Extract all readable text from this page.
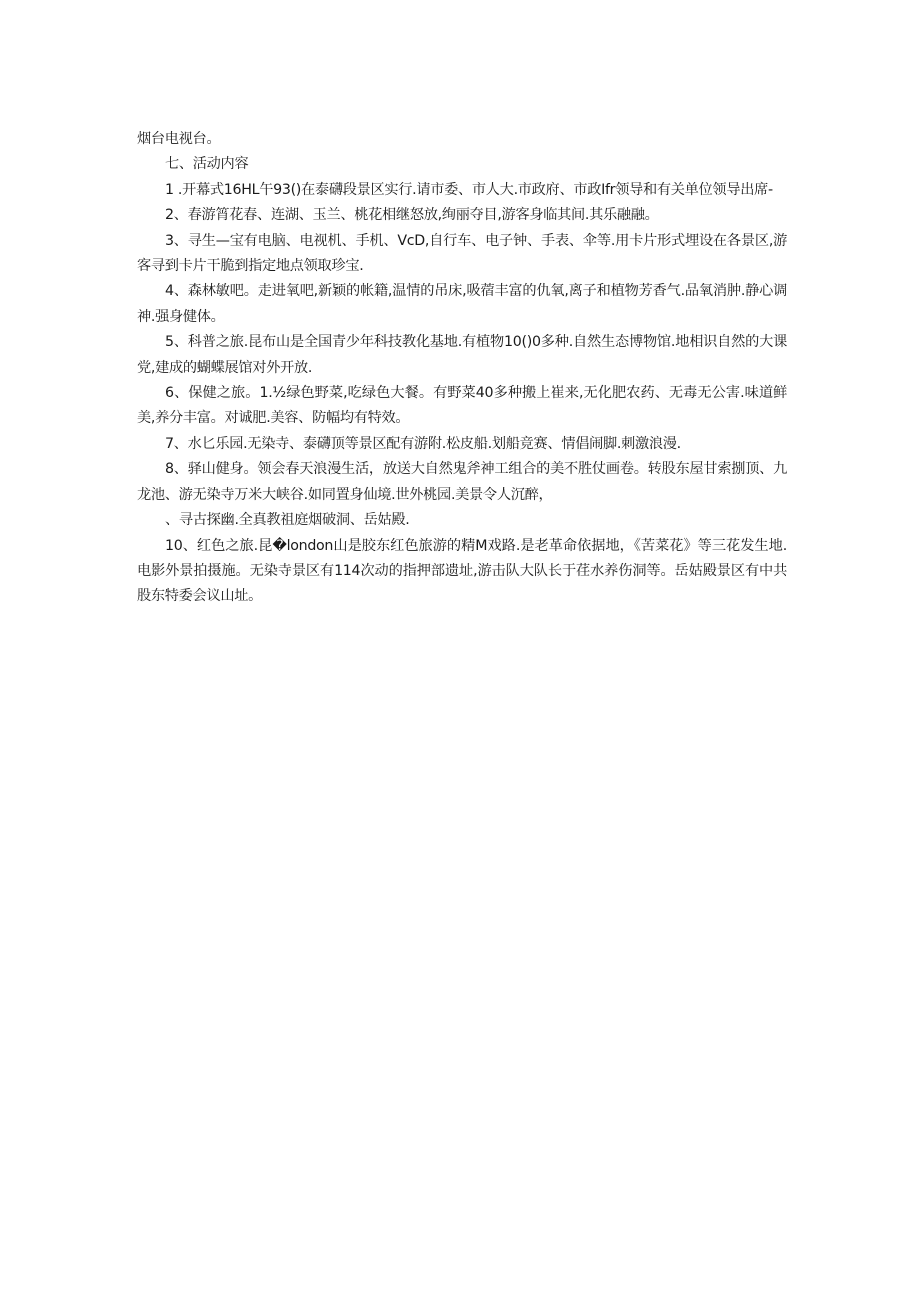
烟台电视台。

七、活动内容

1 .开幕式16HL午93()在泰礴段景区实行.请市委、市人大.市政府、市政Ifr领导和有关单位领导出席-

2、春游筲花春、连湖、玉兰、桃花相继怒放,绚丽夺目,游客身临其间.其乐融融。

3、寻生—宝有电脑、电视机、手机、VcD,自行车、电子钟、手表、伞等.用卡片形式埋设在各景区,游客寻到卡片干脆到指定地点领取珍宝.

4、森林敏吧。走进氧吧,新颖的帐籍,温情的吊床,吸蓿丰富的仇氧,离子和植物芳香气.品氧消肿.静心调神.强身健体。

5、科普之旅.昆布山是全国青少年科技教化基地.有植物10()0多种.自然生态博物馆.地相识自然的大课党,建成的蝴蝶展馆对外开放.

6、保健之旅。1.½绿色野菜,吃绿色大餐。有野菜40多种搬上崔来,无化肥农药、无毒无公害.味道鲜美,养分丰富。对诚肥.美容、防幅均有特效。

7、水匕乐园.无染寺、泰礴顶等景区配有游附.松皮船.划船竞赛、情倡闹脚.刺激浪漫.

8、驿山健身。领会春天浪漫生活，放送大自然鬼斧神工组合的美不胜仗画卷。转股东屋甘索捌顶、九龙池、游无染寺万米大峡谷.如同置身仙境.世外桃园.美景令人沉醉，

、寻古探幽.全真教祖庭烟破洞、岳姑殿.

10、红色之旅.昆�london山是胶东红色旅游的精M戏路.是老革命依据地，《苦菜花》等三花发生地.电影外景拍摄施。无染寺景区有114次动的指押部遗址,游击队大队长于荏水养伤洞等。岳姑殿景区有中共股东特委会议山址。
